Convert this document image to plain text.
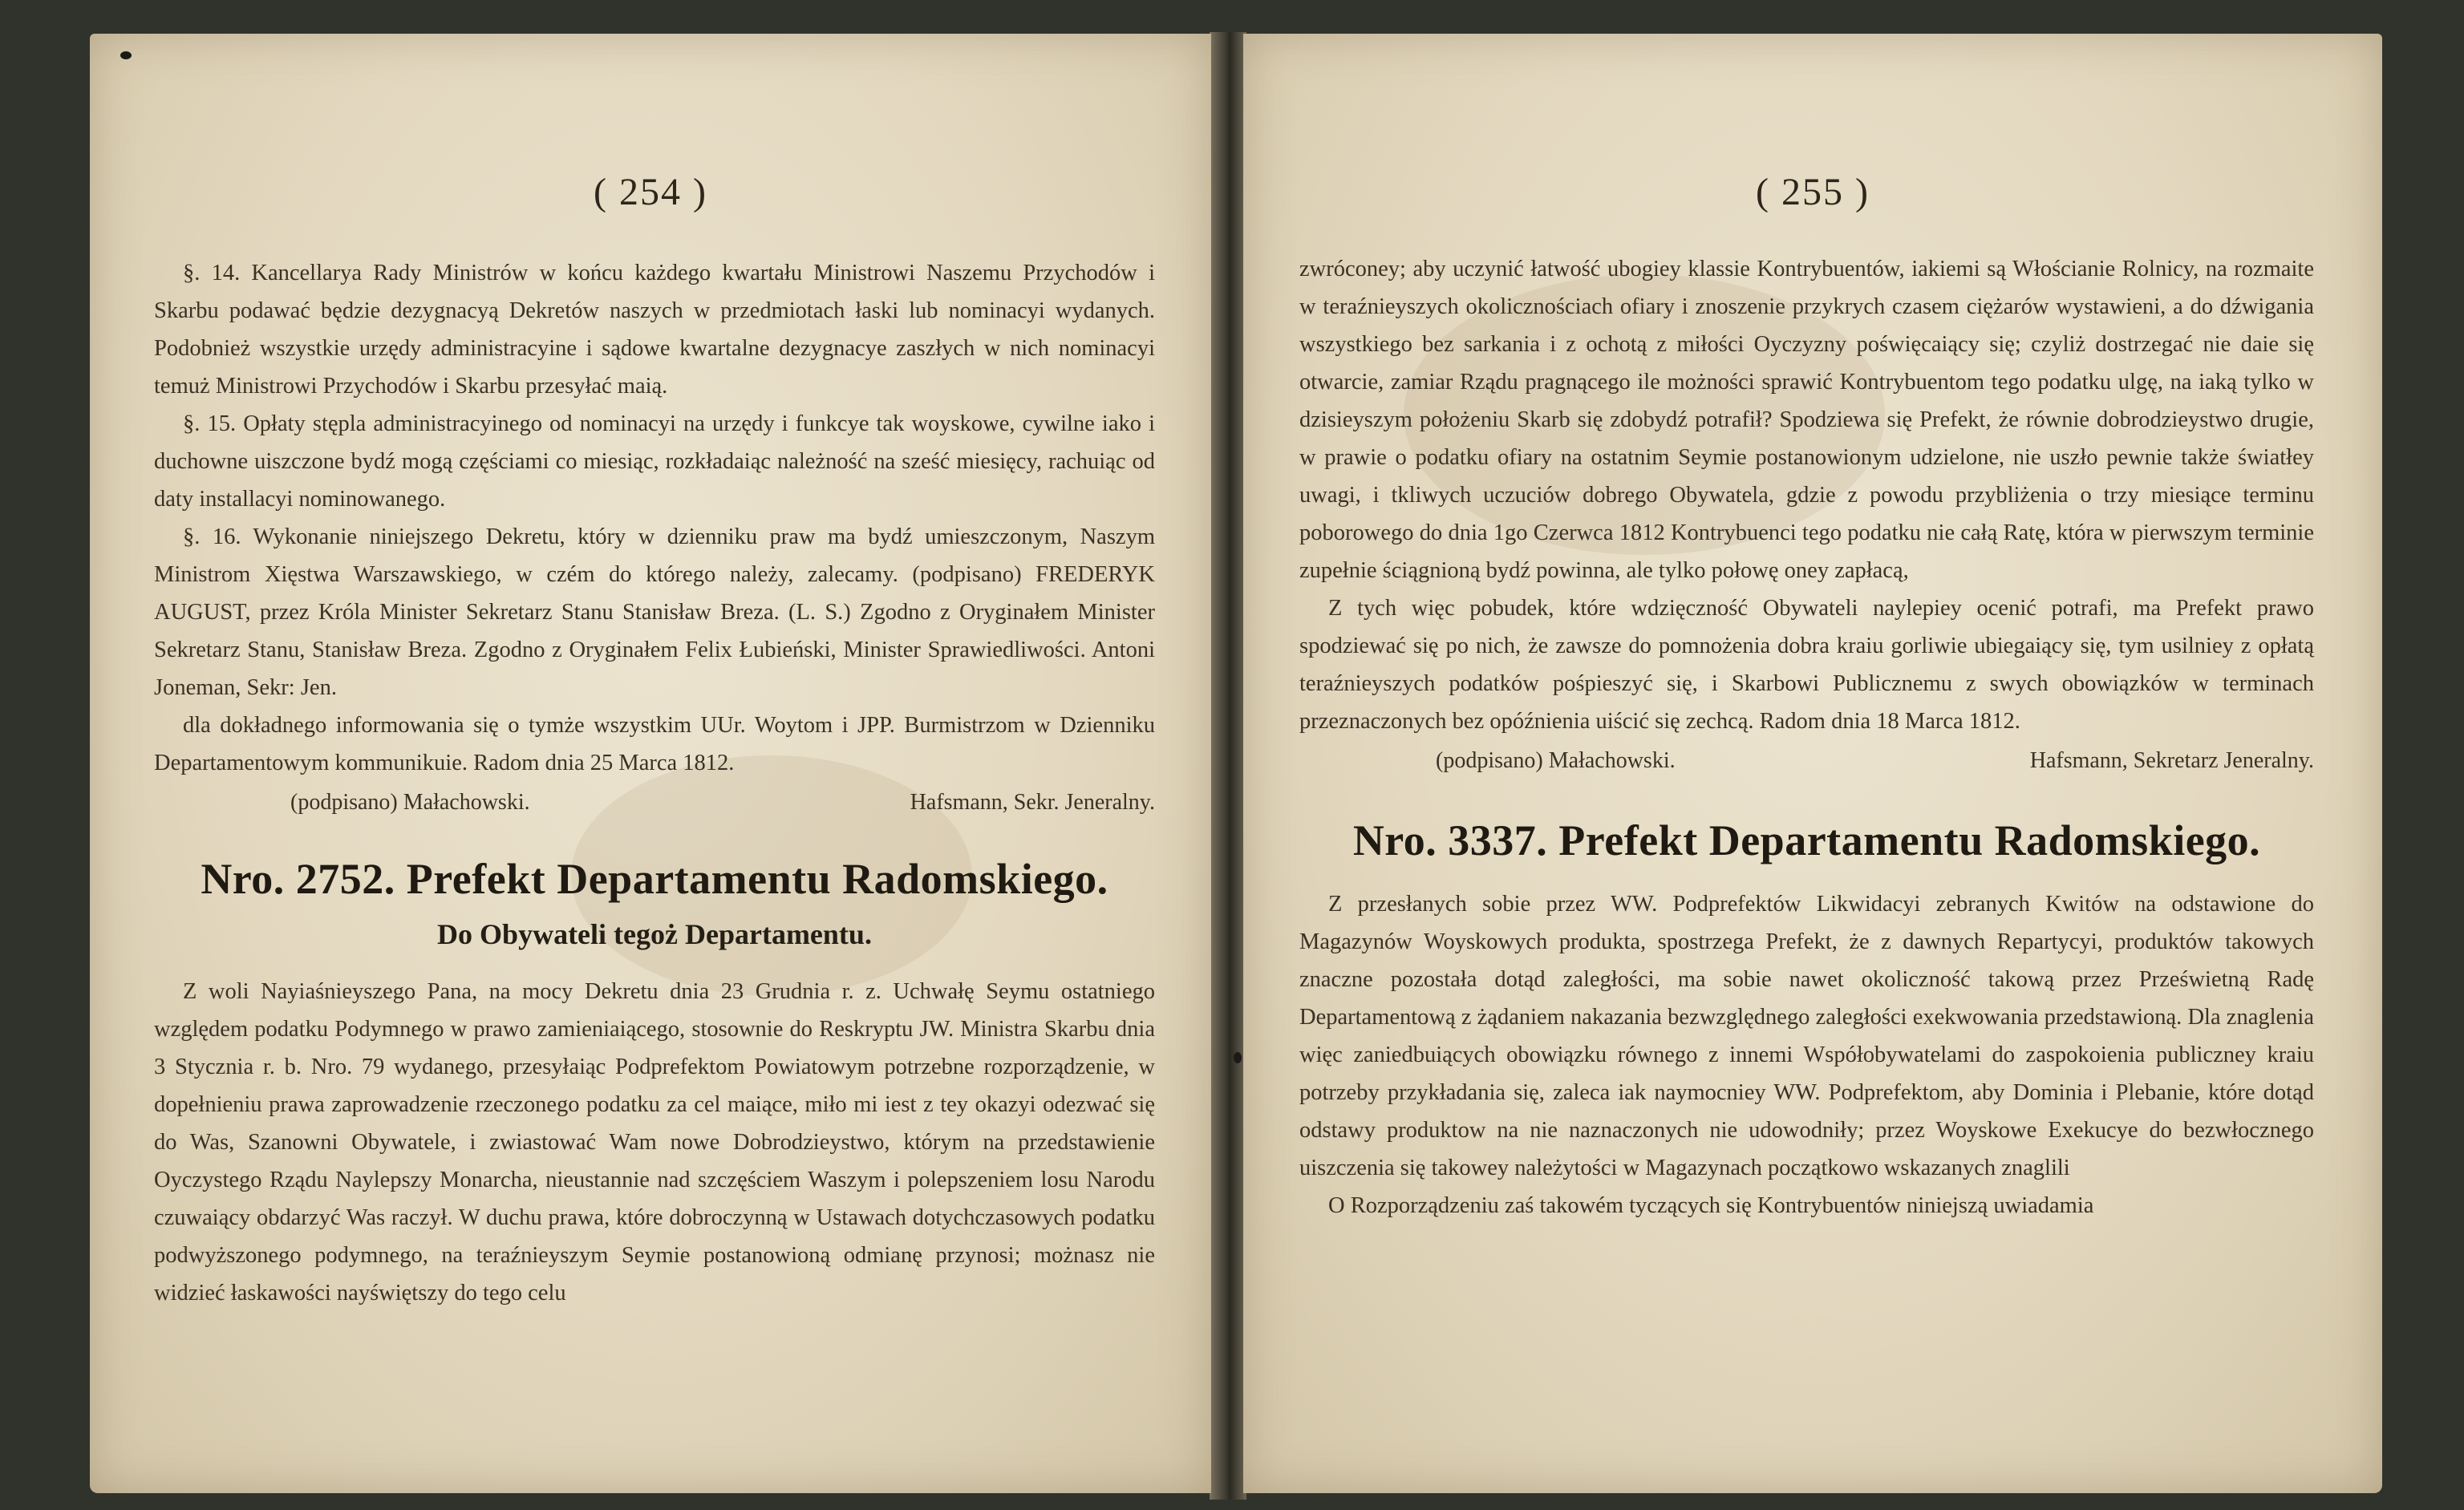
( 254 )

§. 14. Kancellarya Rady Ministrów w końcu każdego kwartału Ministrowi Naszemu Przychodów i Skarbu podawać będzie dezygnacyą Dekretów naszych w przedmiotach łaski lub nominacyi wydanych. Podobnież wszystkie urzędy administracyine i sądowe kwartalne dezygnacye zaszłych w nich nominacyi temuż Ministrowi Przychodów i Skarbu przesyłać maią.

§. 15. Opłaty stępla administracyinego od nominacyi na urzędy i funkcye tak woyskowe, cywilne iako i duchowne uiszczone bydź mogą częściami co miesiąc, rozkładaiąc należność na sześć miesięcy, rachuiąc od daty installacyi nominowanego.

§. 16. Wykonanie niniejszego Dekretu, który w dzienniku praw ma bydź umieszczonym, Naszym Ministrom Xięstwa Warszawskiego, w czém do którego należy, zalecamy. (podpisano) FREDERYK AUGUST, przez Króla Minister Sekretarz Stanu Stanisław Breza. (L. S.) Zgodno z Oryginałem Minister Sekretarz Stanu, Stanisław Breza. Zgodno z Oryginałem Felix Łubieński, Minister Sprawiedliwości. Antoni Joneman, Sekr: Jen.

dla dokładnego informowania się o tymże wszystkim UUr. Woytom i JPP. Burmistrzom w Dzienniku Departamentowym kommunikuie. Radom dnia 25 Marca 1812.

(podpisano) Małachowski.	Hafsmann, Sekr. Jeneralny.
Nro. 2752. Prefekt Departamentu Radomskiego.
Do Obywateli tegoż Departamentu.

Z woli Nayiaśnieyszego Pana, na mocy Dekretu dnia 23 Grudnia r. z. Uchwałę Seymu ostatniego względem podatku Podymnego w prawo zamieniaiącego, stosownie do Reskryptu JW. Ministra Skarbu dnia 3 Stycznia r. b. Nro. 79 wydanego, przesyłaiąc Podprefektom Powiatowym potrzebne rozporządzenie, w dopełnieniu prawa zaprowadzenie rzeczonego podatku za cel maiące, miło mi iest z tey okazyi odezwać się do Was, Szanowni Obywatele, i zwiastować Wam nowe Dobrodzieystwo, którym na przedstawienie Oyczystego Rządu Naylepszy Monarcha, nieustannie nad szczęściem Waszym i polepszeniem losu Narodu czuwaiący obdarzyć Was raczył. W duchu prawa, które dobroczynną w Ustawach dotychczasowych podatku podwyższonego podymnego, na teraźnieyszym Seymie postanowioną odmianę przynosi; możnasz nie widzieć łaskawości nayświętszy do tego celu

( 255 )

zwróconey; aby uczynić łatwość ubogiey klassie Kontrybuentów, iakiemi są Włościanie Rolnicy, na rozmaite w teraźnieyszych okolicznościach ofiary i znoszenie przykrych czasem ciężarów wystawieni, a do dźwigania wszystkiego bez sarkania i z ochotą z miłości Oyczyzny poświęcaiący się; czyliż dostrzegać nie daie się otwarcie, zamiar Rządu pragnącego ile możności sprawić Kontrybuentom tego podatku ulgę, na iaką tylko w dzisieyszym położeniu Skarb się zdobydź potrafił? Spodziewa się Prefekt, że równie dobrodzieystwo drugie, w prawie o podatku ofiary na ostatnim Seymie postanowionym udzielone, nie uszło pewnie także światłey uwagi, i tkliwych uczuciów dobrego Obywatela, gdzie z powodu przybliżenia o trzy miesiące terminu poborowego do dnia 1go Czerwca 1812 Kontrybuenci tego podatku nie całą Ratę, która w pierwszym terminie zupełnie ściągnioną bydź powinna, ale tylko połowę oney zapłacą,

Z tych więc pobudek, które wdzięczność Obywateli naylepiey ocenić potrafi, ma Prefekt prawo spodziewać się po nich, że zawsze do pomnożenia dobra kraiu gorliwie ubiegaiący się, tym usilniey z opłatą teraźnieyszych podatków pośpieszyć się, i Skarbowi Publicznemu z swych obowiązków w terminach przeznaczonych bez opóźnienia uiścić się zechcą. Radom dnia 18 Marca 1812.

(podpisano) Małachowski.	Hafsmann, Sekretarz Jeneralny.
Nro. 3337. Prefekt Departamentu Radomskiego.

Z przesłanych sobie przez WW. Podprefektów Likwidacyi zebranych Kwitów na odstawione do Magazynów Woyskowych produkta, spostrzega Prefekt, że z dawnych Repartycyi, produktów takowych znaczne pozostała dotąd zaległości, ma sobie nawet okoliczność takową przez Prześwietną Radę Departamentową z żądaniem nakazania bezwzględnego zaległości exekwowania przedstawioną. Dla znaglenia więc zaniedbuiących obowiązku równego z innemi Współobywatelami do zaspokoienia publiczney kraiu potrzeby przykładania się, zaleca iak naymocniey WW. Podprefektom, aby Dominia i Plebanie, które dotąd odstawy produktow na nie naznaczonych nie udowodniły; przez Woyskowe Exekucye do bezwłocznego uiszczenia się takowey należytości w Magazynach początkowo wskazanych znaglili

O Rozporządzeniu zaś takowém tyczących się Kontrybuentów niniejszą uwiadamia
